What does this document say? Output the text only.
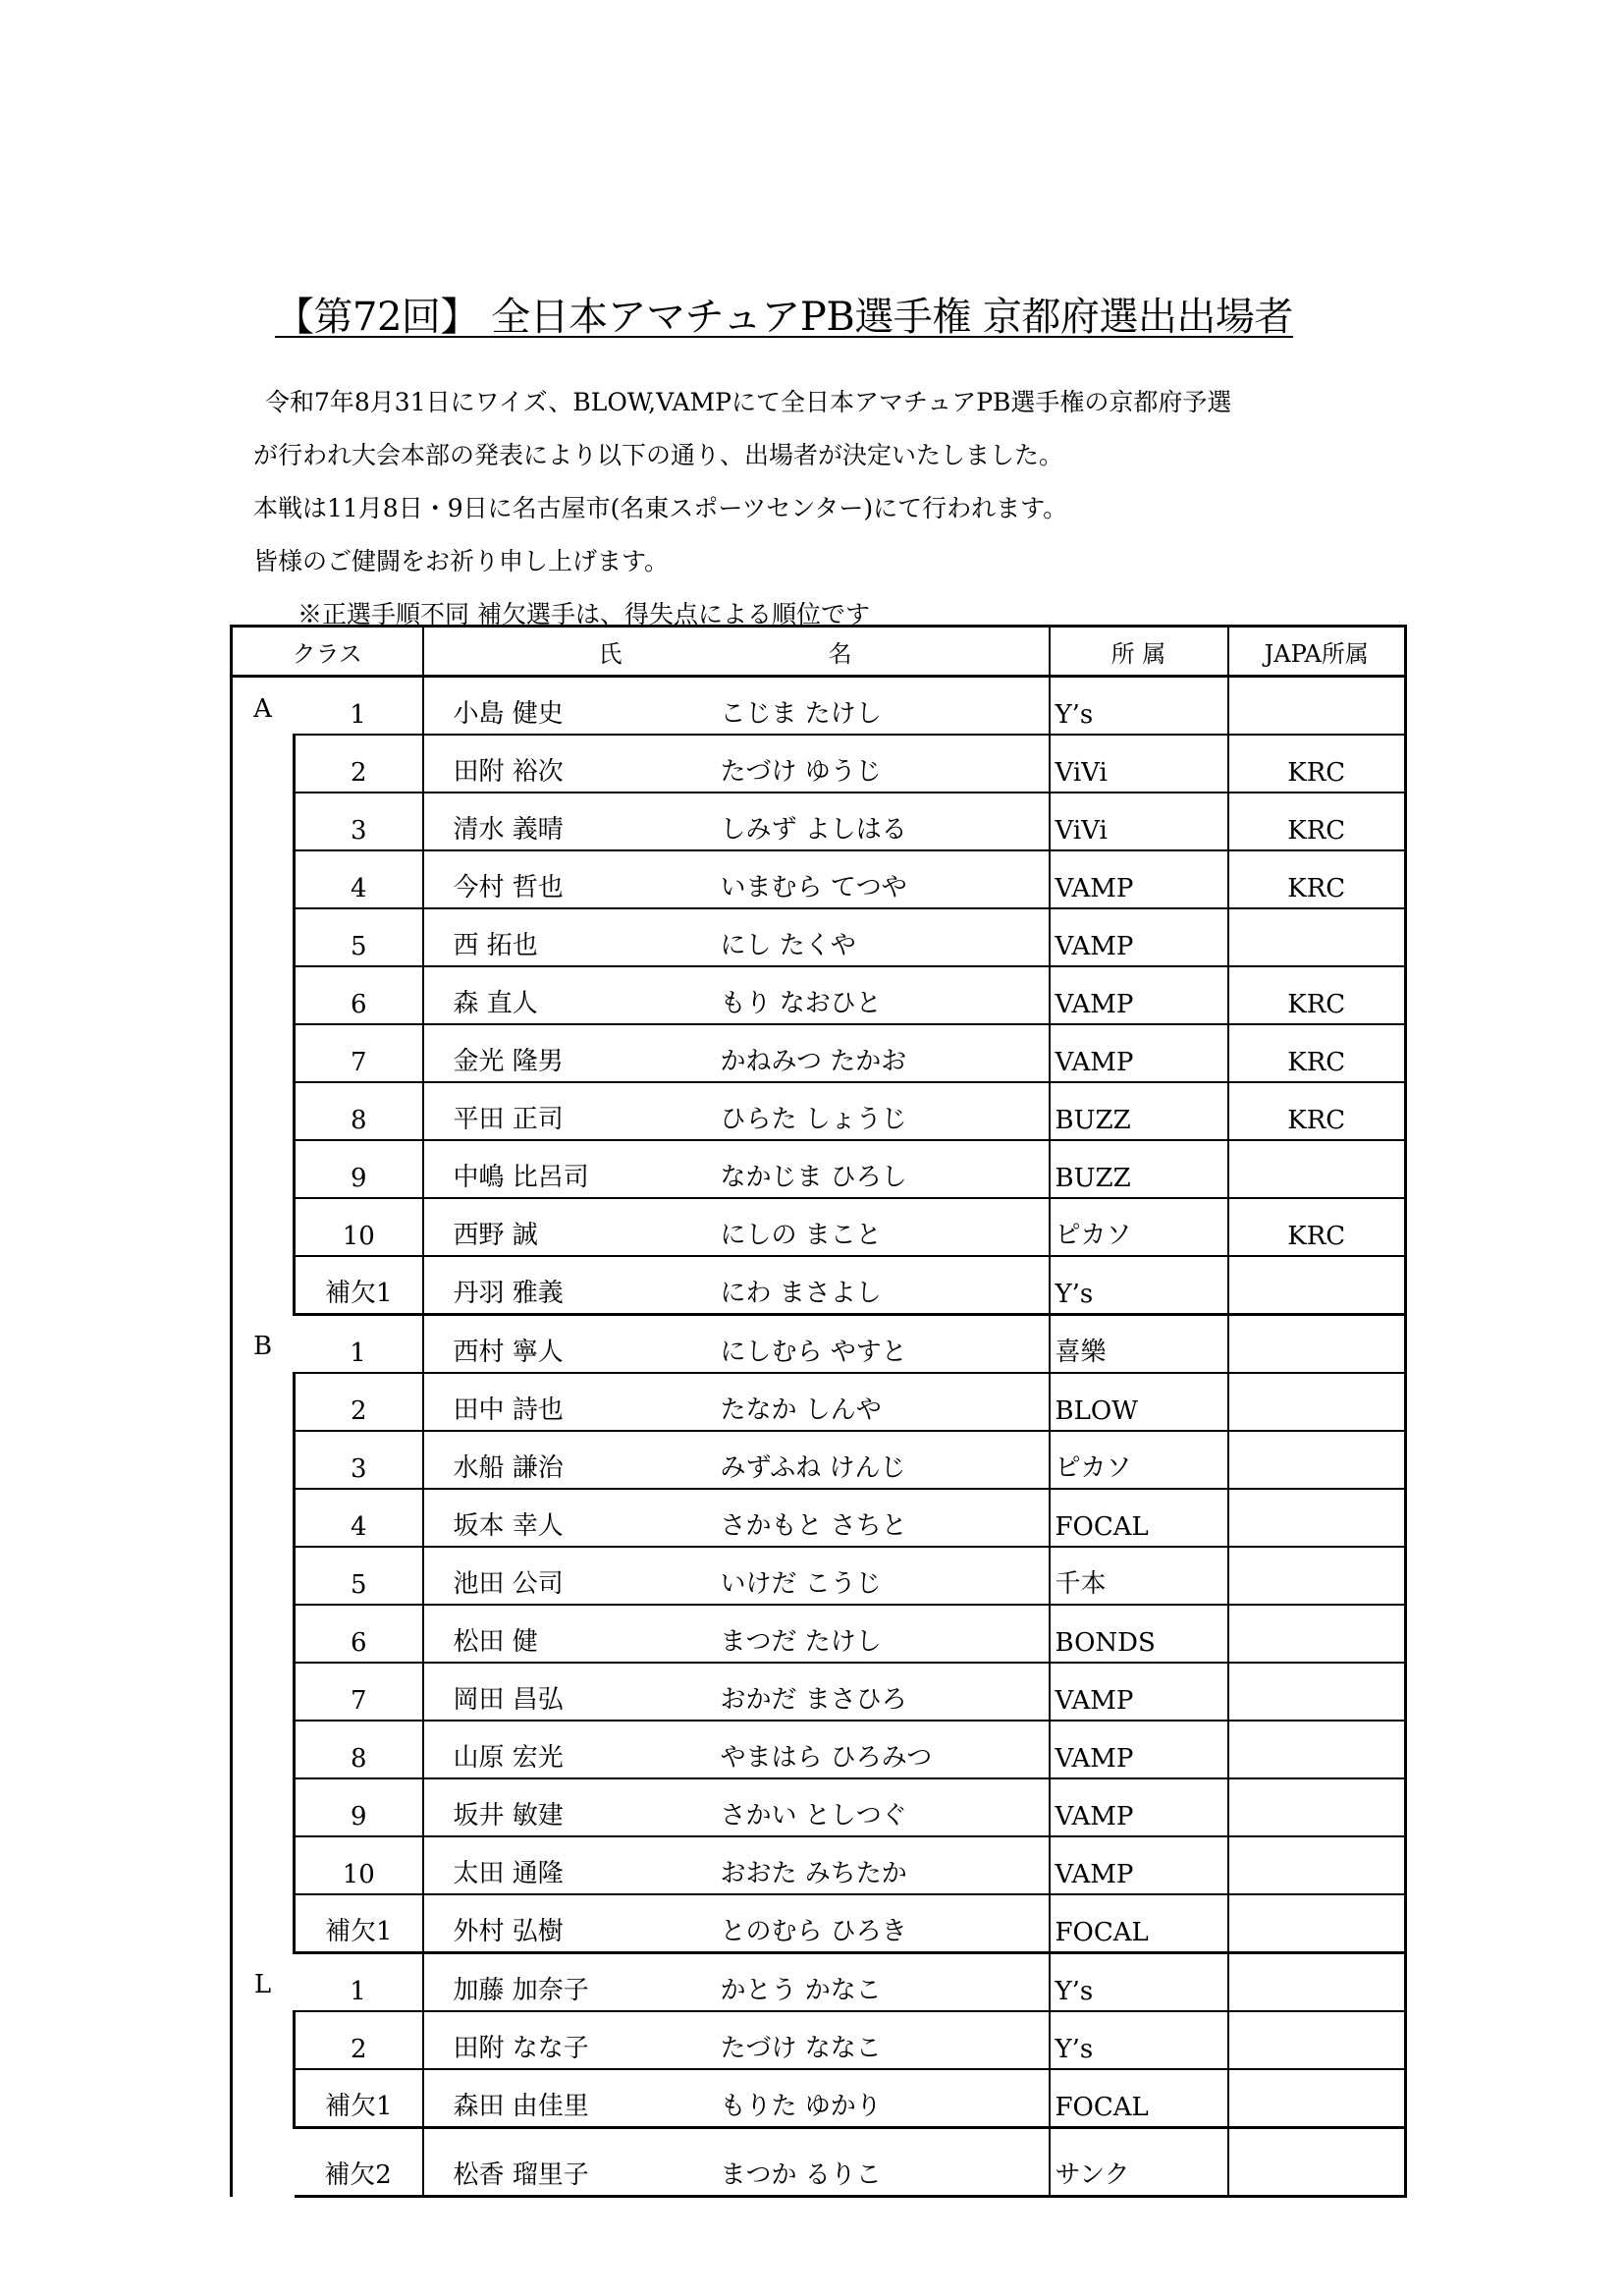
【第72回】 全日本アマチュアPB選手権 京都府選出出場者

令和7年8月31日にワイズ、BLOW,VAMPにて全日本アマチュアPB選手権の京都府予選

が行われ大会本部の発表により以下の通り、出場者が決定いたしました。

本戦は11月8日・9日に名古屋市(名東スポーツセンター)にて行われます。

皆様のご健闘をお祈り申し上げます。

※正選手順不同 補欠選手は、得失点による順位です

クラス		氏 名		所 属	JAPA所属
A	1	小島 健史	こじま たけし	Y’s	
	2	田附 裕次	たづけ ゆうじ	ViVi	KRC
	3	清水 義晴	しみず よしはる	ViVi	KRC
	4	今村 哲也	いまむら てつや	VAMP	KRC
	5	西 拓也	にし たくや	VAMP	
	6	森 直人	もり なおひと	VAMP	KRC
	7	金光 隆男	かねみつ たかお	VAMP	KRC
	8	平田 正司	ひらた しょうじ	BUZZ	KRC
	9	中嶋 比呂司	なかじま ひろし	BUZZ	
	10	西野 誠	にしの まこと	ピカソ	KRC
	補欠1	丹羽 雅義	にわ まさよし	Y’s	
B	1	西村 寧人	にしむら やすと	喜樂	
	2	田中 詩也	たなか しんや	BLOW	
	3	水船 謙治	みずふね けんじ	ピカソ	
	4	坂本 幸人	さかもと さちと	FOCAL	
	5	池田 公司	いけだ こうじ	千本	
	6	松田 健	まつだ たけし	BONDS	
	7	岡田 昌弘	おかだ まさひろ	VAMP	
	8	山原 宏光	やまはら ひろみつ	VAMP	
	9	坂井 敏建	さかい としつぐ	VAMP	
	10	太田 通隆	おおた みちたか	VAMP	
	補欠1	外村 弘樹	とのむら ひろき	FOCAL	
L	1	加藤 加奈子	かとう かなこ	Y’s	
	2	田附 なな子	たづけ ななこ	Y’s	
	補欠1	森田 由佳里	もりた ゆかり	FOCAL	
	補欠2	松香 瑠里子	まつか るりこ	サンク	
